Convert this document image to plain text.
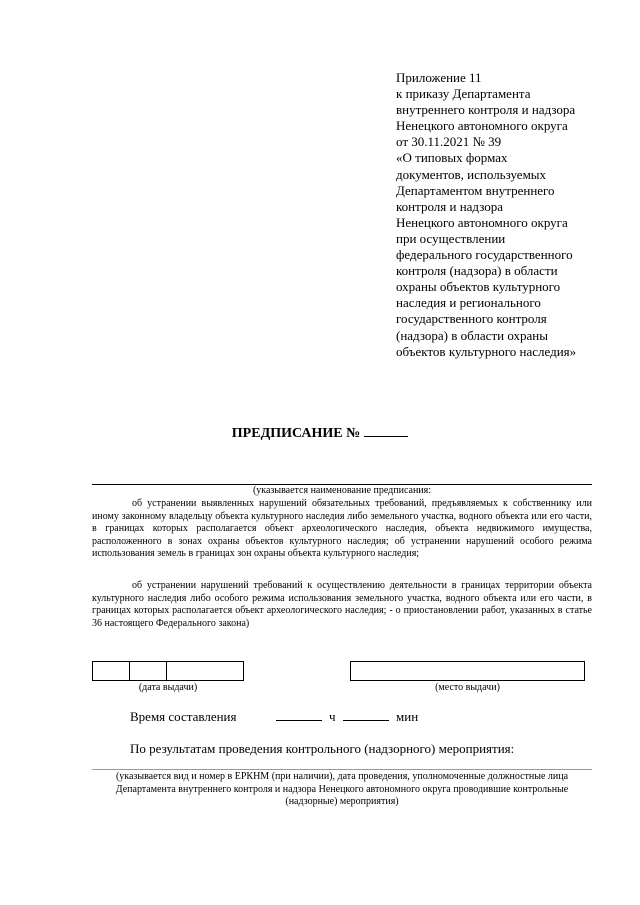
Приложение 11
к приказу Департамента
внутреннего контроля и надзора
Ненецкого автономного округа
от 30.11.2021 № 39
«О типовых формах
документов, используемых
Департаментом внутреннего
контроля и надзора
Ненецкого автономного округа
при осуществлении
федерального государственного
контроля (надзора) в области
охраны объектов культурного
наследия и регионального
государственного контроля
(надзора) в области охраны
объектов культурного наследия»
ПРЕДПИСАНИЕ №
(указывается наименование предписания:

об устранении выявленных нарушений обязательных требований, предъявляемых к собственнику или иному законному владельцу объекта культурного наследия либо земельного участка, водного объекта или его части, в границах которых располагается объект археологического наследия, объекта недвижимого имущества, расположенного в зонах охраны объектов культурного наследия; об устранении нарушений особого режима использования земель в границах зон охраны объекта культурного наследия;

об устранении нарушений требований к осуществлению деятельности в границах территории объекта культурного наследия либо особого режима использования земельного участка, водного объекта или его части, в границах которых располагается объект археологического наследия; - о приостановлении работ, указанных в статье 36 настоящего Федерального закона)

(дата выдачи)	(место выдачи)
Время составления	ч	мин
По результатам проведения контрольного (надзорного) мероприятия:
(указывается вид и номер в ЕРКНМ (при наличии), дата проведения, уполномоченные должностные лица Департамента внутреннего контроля и надзора Ненецкого автономного округа проводившие контрольные (надзорные) мероприятия)
